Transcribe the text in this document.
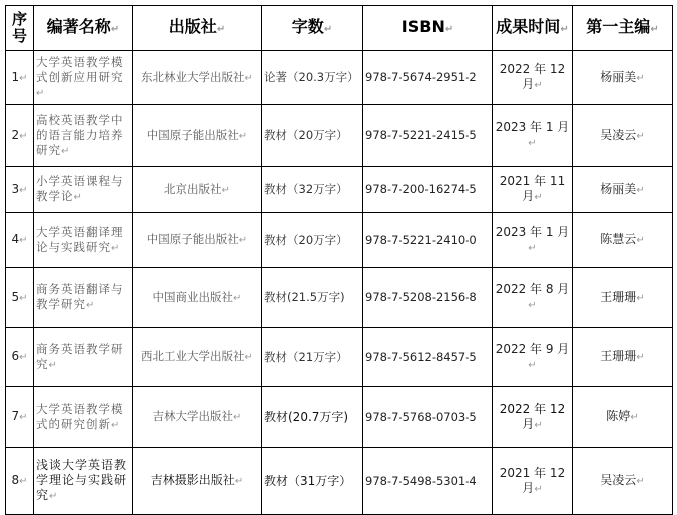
序号	编著名称↵	出版社↵	字数↵	ISBN↵	成果时间↵	第一主编↵
1↵	大学英语教学模式创新应用研究↵	东北林业大学出版社↵	论著（20.3万字）	978-7-5674-2951-2	2022 年 12 月↵	杨丽美↵
2↵	高校英语教学中的语言能力培养研究↵	中国原子能出版社↵	教材（20万字）	978-7-5221-2415-5	2023 年 1 月↵	吴凌云↵
3↵	小学英语课程与教学论↵	北京出版社↵	教材（32万字）	978-7-200-16274-5	2021 年 11 月↵	杨丽美↵
4↵	大学英语翻译理论与实践研究↵	中国原子能出版社↵	教材（20万字）	978-7-5221-2410-0	2023 年 1 月↵	陈慧云↵
5↵	商务英语翻译与教学研究↵	中国商业出版社↵	教材(21.5万字)	978-7-5208-2156-8	2022 年 8 月↵	王珊珊↵
6↵	商务英语教学研究↵	西北工业大学出版社↵	教材（21万字）	978-7-5612-8457-5	2022 年 9 月↵	王珊珊↵
7↵	大学英语教学模式的研究创新↵	吉林大学出版社↵	教材(20.7万字)	978-7-5768-0703-5	2022 年 12 月↵	陈婷↵
8↵	浅谈大学英语教学理论与实践研究↵	吉林摄影出版社↵	教材（31万字）	978-7-5498-5301-4	2021 年 12 月↵	吴凌云↵
